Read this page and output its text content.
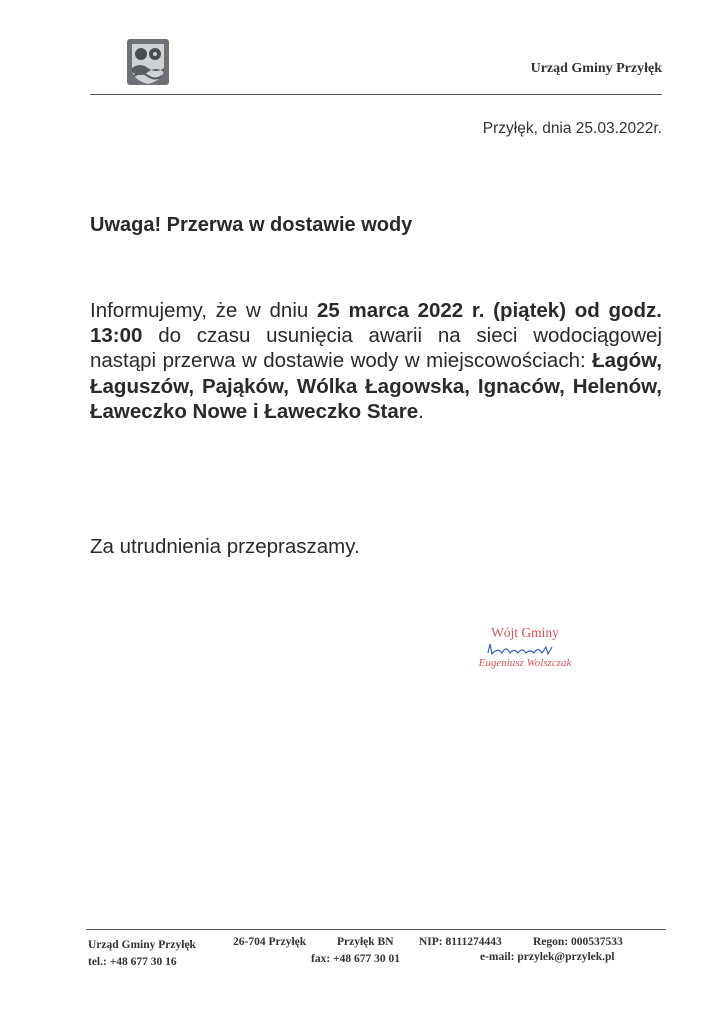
Urząd Gminy Przyłęk
Przyłęk, dnia 25.03.2022r.
Uwaga! Przerwa w dostawie wody
Informujemy, że w dniu 25 marca 2022 r. (piątek) od godz. 13:00 do czasu usunięcia awarii na sieci wodociągowej nastąpi przerwa w dostawie wody w miejscowościach: Łagów, Łaguszów, Pająków, Wólka Łagowska, Ignaców, Helenów, Ławeczko Nowe i Ławeczko Stare.
Za utrudnienia przepraszamy.
Wójt Gminy
Eugeniusz Wolszczak
Urząd Gminy Przyłęk	26-704 Przyłęk	Przyłęk BN NIP: 8111274443	Regon: 000537533
tel.: +48 677 30 16	fax: +48 677 30 01	e-mail: przylek@przylek.pl
